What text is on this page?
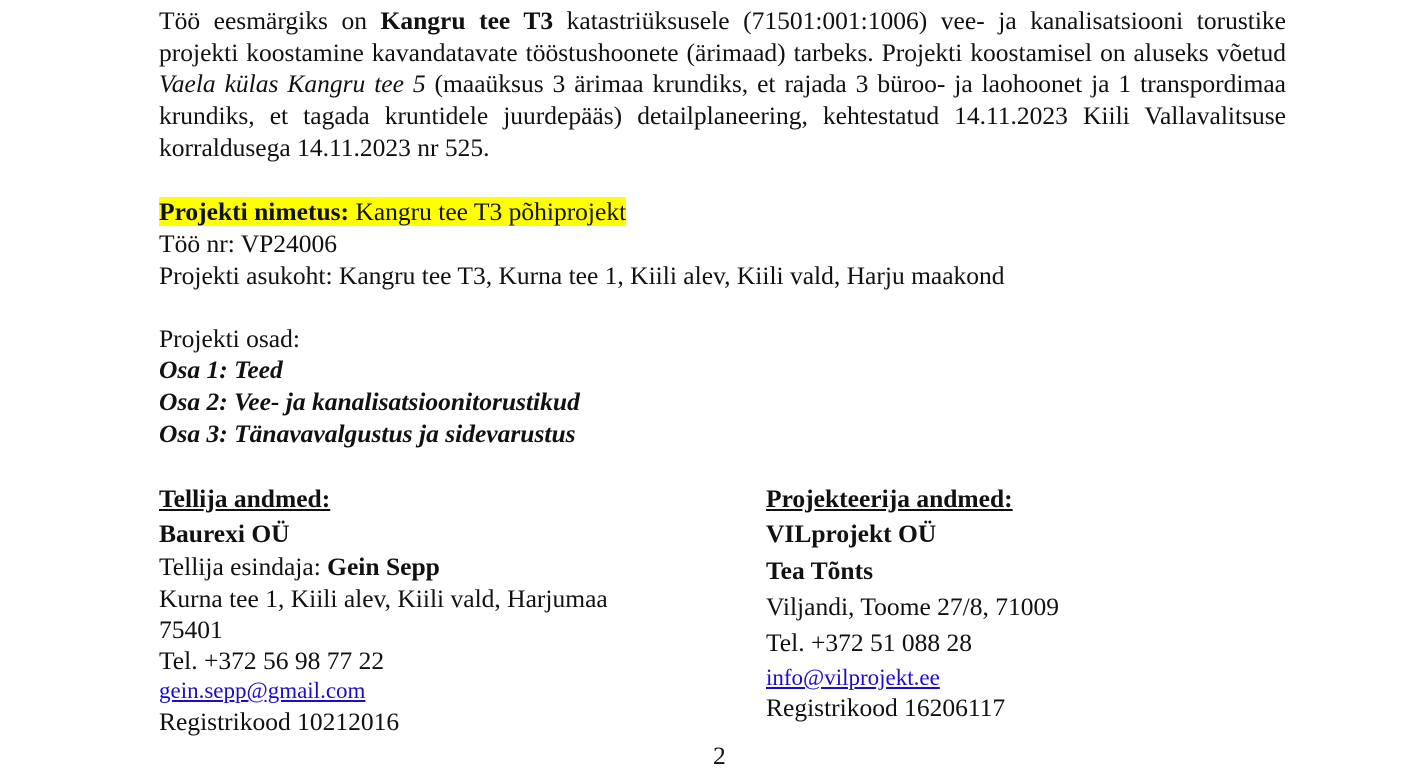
Töö eesmärgiks on Kangru tee T3 katastriüksusele (71501:001:1006) vee- ja kanalisatsiooni torustike projekti koostamine kavandatavate tööstushoonete (ärimaad) tarbeks. Projekti koostamisel on aluseks võetud Vaela külas Kangru tee 5 (maaüksus 3 ärimaa krundiks, et rajada 3 büroo- ja laohoonet ja 1 transpordimaa krundiks, et tagada kruntidele juurdepääs) detailplaneering, kehtestatud 14.11.2023 Kiili Vallavalitsuse korraldusega 14.11.2023 nr 525.

Projekti nimetus: Kangru tee T3 põhiprojekt
Töö nr: VP24006
Projekti asukoht: Kangru tee T3, Kurna tee 1, Kiili alev, Kiili vald, Harju maakond
Projekti osad:
Osa 1: Teed
Osa 2: Vee- ja kanalisatsioonitorustikud
Osa 3: Tänavavalgustus ja sidevarustus
Tellija andmed:
Baurexi OÜ
Tellija esindaja: Gein Sepp
Kurna tee 1, Kiili alev, Kiili vald, Harjumaa
75401
Tel. +372 56 98 77 22
gein.sepp@gmail.com
Registrikood 10212016
Projekteerija andmed:
VILprojekt OÜ
Tea Tõnts
Viljandi, Toome 27/8, 71009
Tel. +372 51 088 28
info@vilprojekt.ee
Registrikood 16206117
2
